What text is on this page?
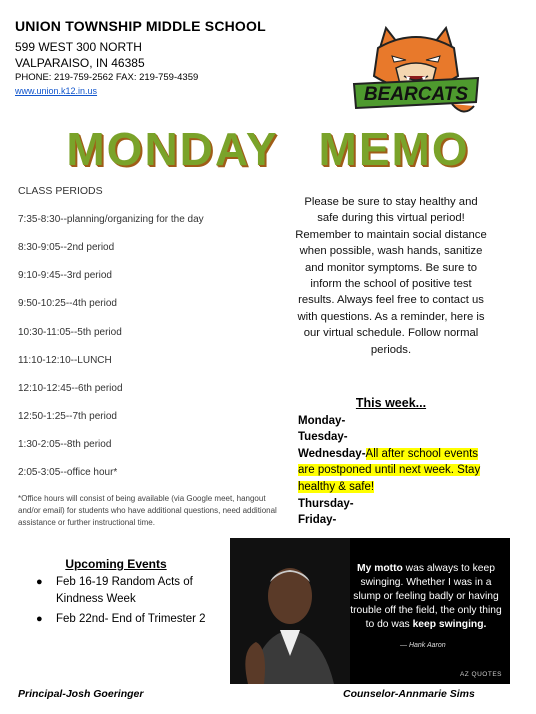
UNION TOWNSHIP MIDDLE SCHOOL
599 WEST 300 NORTH
VALPARAISO, IN 46385
PHONE: 219-759-2562 FAX: 219-759-4359
www.union.k12.in.us	BEARCATS
MONDAY MEMO
CLASS PERIODS
7:35-8:30--planning/organizing for the day
8:30-9:05--2nd period
9:10-9:45--3rd period
9:50-10:25--4th period
10:30-11:05--5th period
11:10-12:10--LUNCH
12:10-12:45--6th period
12:50-1:25--7th period
1:30-2:05--8th period
2:05-3:05--office hour*
*Office hours will consist of being available (via Google meet, hangout and/or email) for students who have additional questions, need additional assistance or further instructional time.
Please be sure to stay healthy and safe during this virtual period! Remember to maintain social distance when possible, wash hands, sanitize and monitor symptoms. Be sure to inform the school of positive test results. Always feel free to contact us with questions. As a reminder, here is our virtual schedule. Follow normal periods.
This week...
Monday-
Tuesday-
Wednesday-All after school events are postponed until next week. Stay healthy & safe!
Thursday-
Friday-
Upcoming Events
● Feb 16-19 Random Acts of Kindness Week
● Feb 22nd- End of Trimester 2
My motto was always to keep swinging. Whether I was in a slump or feeling badly or having trouble off the field, the only thing to do was keep swinging.
— Hank Aaron
AZ QUOTES
Principal-Josh Goeringer	Counselor-Annmarie Sims
